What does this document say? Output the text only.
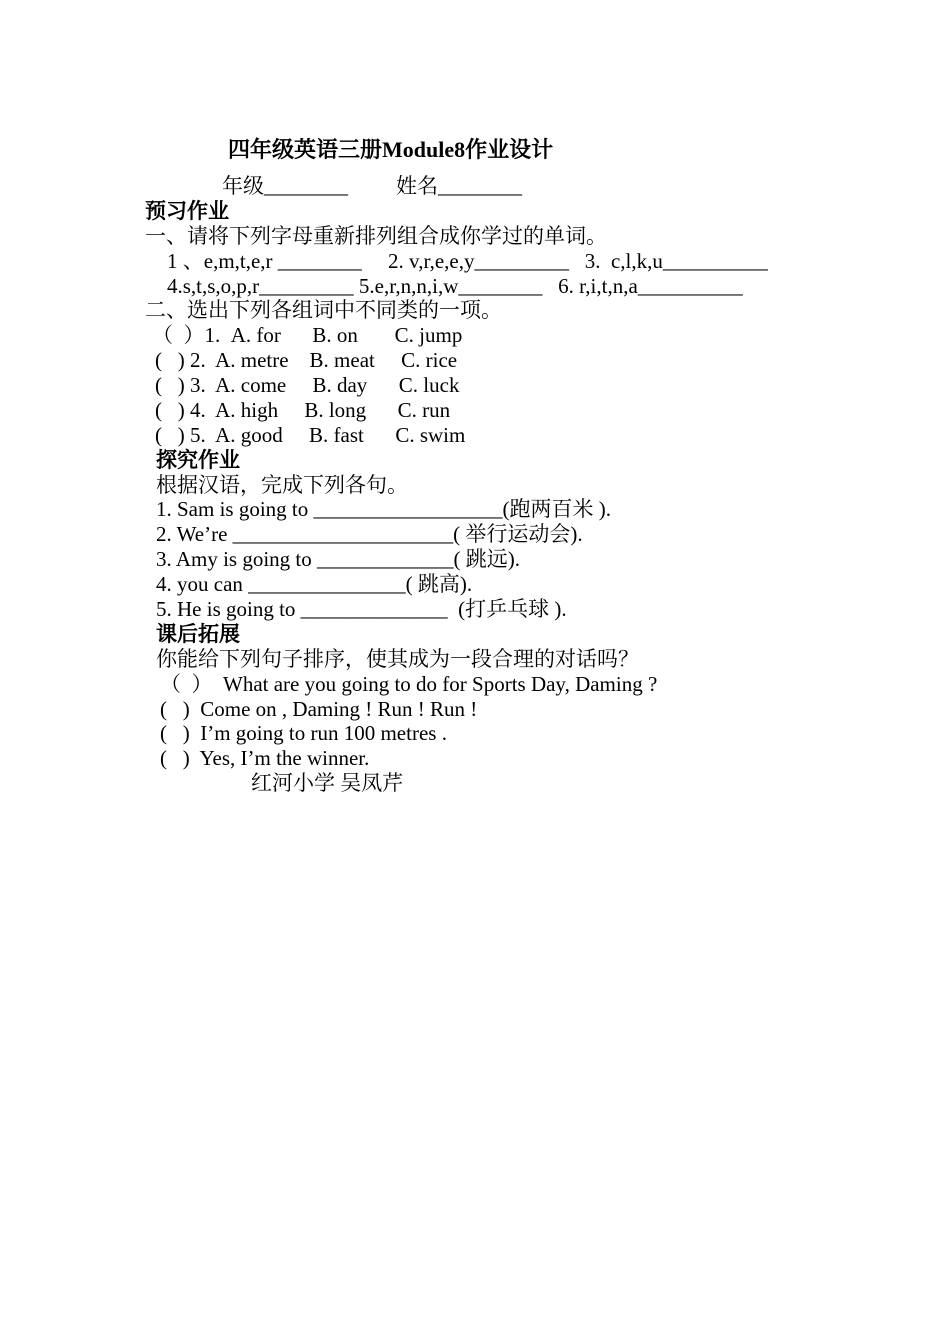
四年级英语三册Module8作业设计
年级________ 姓名________
预习作业
一、请将下列字母重新排列组合成你学过的单词。
1 、e,m,t,e,r ________     2. v,r,e,e,y_________   3.  c,l,k,u__________
4.s,t,s,o,p,r_________ 5.e,r,n,n,i,w________   6. r,i,t,n,a__________
二、选出下列各组词中不同类的一项。
（  ）1.  A. for      B. on       C. jump
(   ) 2.  A. metre    B. meat     C. rice
(   ) 3.  A. come     B. day      C. luck
(   ) 4.  A. high     B. long      C. run
(   ) 5.  A. good     B. fast      C. swim
探究作业
根据汉语，完成下列各句。
1. Sam is going to __________________(跑两百米 ).
2. We’re _____________________( 举行运动会).
3. Amy is going to _____________( 跳远).
4. you can _______________( 跳高).
5. He is going to ______________  (打乒乓球 ).
课后拓展
你能给下列句子排序，使其成为一段合理的对话吗？
（  ）  What are you going to do for Sports Day, Daming ?
(   )  Come on , Daming ! Run ! Run !
(   )  I’m going to run 100 metres .
(   )  Yes, I’m the winner.
红河小学 吴凤芹
